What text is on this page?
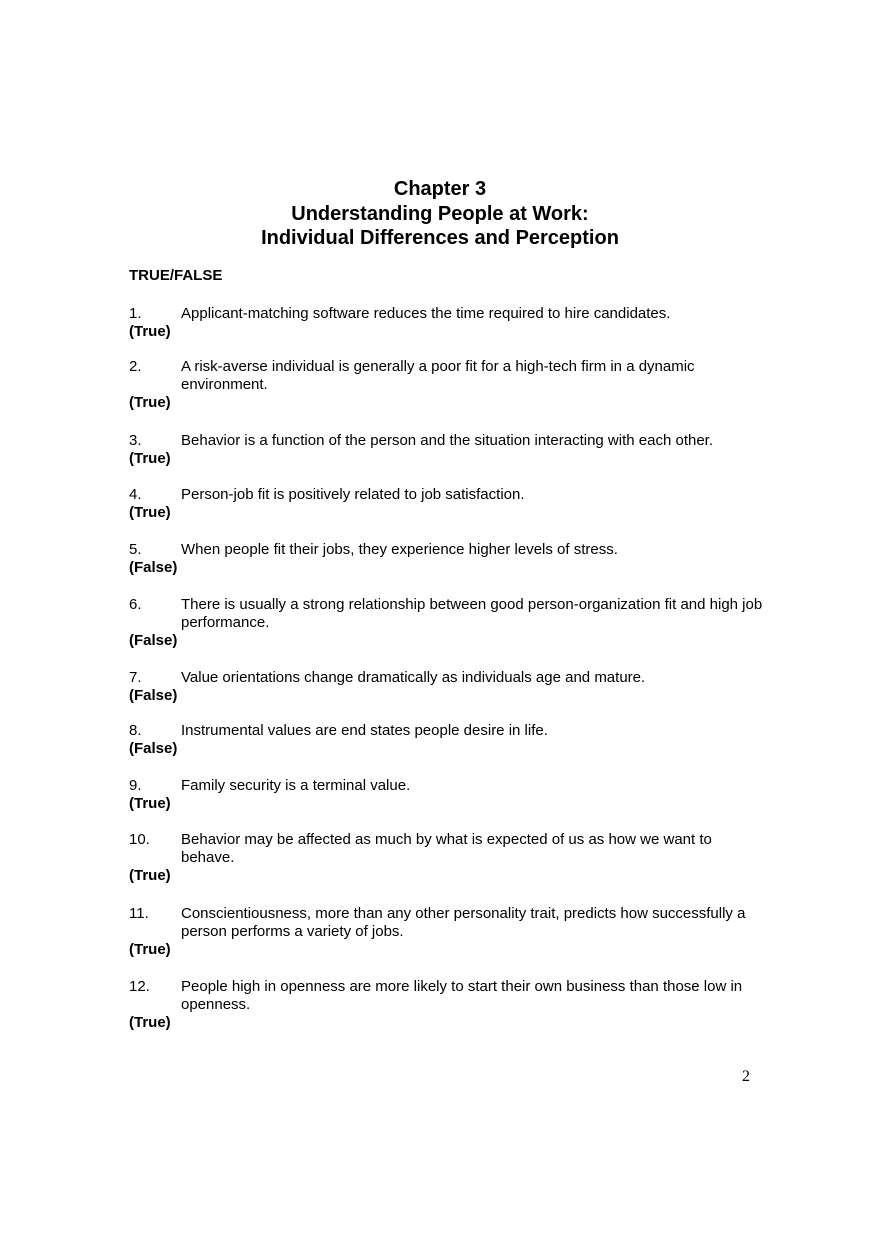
Chapter 3
Understanding People at Work:
Individual Differences and Perception
TRUE/FALSE
1.	Applicant-matching software reduces the time required to hire candidates.
(True)
2.	A risk-averse individual is generally a poor fit for a high-tech firm in a dynamic environment.
(True)
3.	Behavior is a function of the person and the situation interacting with each other.
(True)
4.	Person-job fit is positively related to job satisfaction.
(True)
5.	When people fit their jobs, they experience higher levels of stress.
(False)
6.	There is usually a strong relationship between good person-organization fit and high job performance.
(False)
7.	Value orientations change dramatically as individuals age and mature.
(False)
8.	Instrumental values are end states people desire in life.
(False)
9.	Family security is a terminal value.
(True)
10. Behavior may be affected as much by what is expected of us as how we want to behave.
(True)
11. Conscientiousness, more than any other personality trait, predicts how successfully a person performs a variety of jobs.
(True)
12. People high in openness are more likely to start their own business than those low in openness.
(True)
2
